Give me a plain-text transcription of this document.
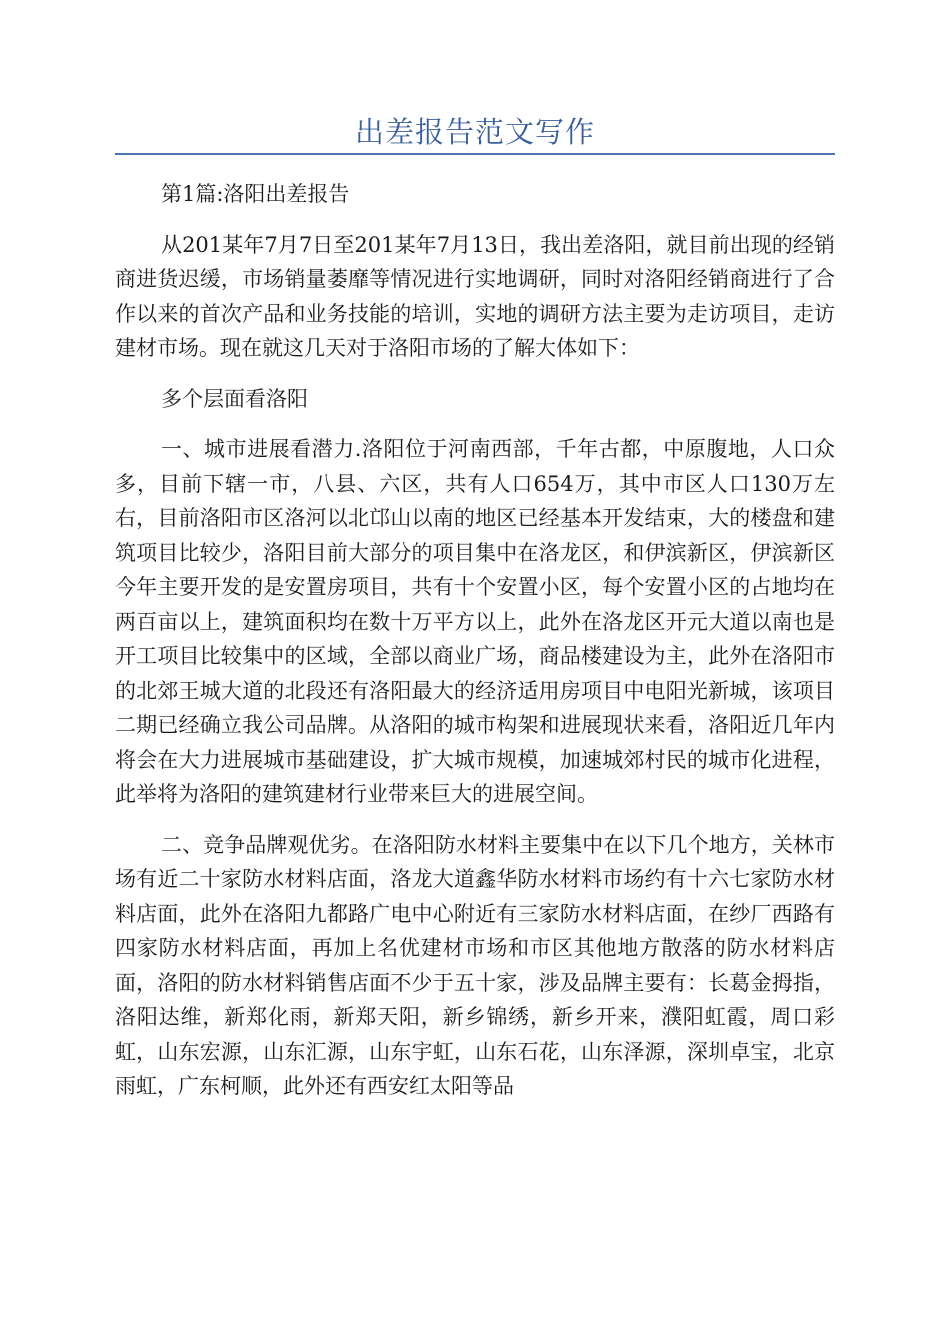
出差报告范文写作

第1篇:洛阳出差报告

从201某年7月7日至201某年7月13日，我出差洛阳，就目前出现的经销商进货迟缓，市场销量萎靡等情况进行实地调研，同时对洛阳经销商进行了合作以来的首次产品和业务技能的培训，实地的调研方法主要为走访项目，走访建材市场。现在就这几天对于洛阳市场的了解大体如下：

多个层面看洛阳

一、城市进展看潜力.洛阳位于河南西部，千年古都，中原腹地，人口众多，目前下辖一市，八县、六区，共有人口654万，其中市区人口130万左右，目前洛阳市区洛河以北邙山以南的地区已经基本开发结束，大的楼盘和建筑项目比较少，洛阳目前大部分的项目集中在洛龙区，和伊滨新区，伊滨新区今年主要开发的是安置房项目，共有十个安置小区，每个安置小区的占地均在两百亩以上，建筑面积均在数十万平方以上，此外在洛龙区开元大道以南也是开工项目比较集中的区域，全部以商业广场，商品楼建设为主，此外在洛阳市的北郊王城大道的北段还有洛阳最大的经济适用房项目中电阳光新城，该项目二期已经确立我公司品牌。从洛阳的城市构架和进展现状来看，洛阳近几年内将会在大力进展城市基础建设，扩大城市规模，加速城郊村民的城市化进程，此举将为洛阳的建筑建材行业带来巨大的进展空间。

二、竞争品牌观优劣。在洛阳防水材料主要集中在以下几个地方，关林市场有近二十家防水材料店面，洛龙大道鑫华防水材料市场约有十六七家防水材料店面，此外在洛阳九都路广电中心附近有三家防水材料店面，在纱厂西路有四家防水材料店面，再加上名优建材市场和市区其他地方散落的防水材料店面，洛阳的防水材料销售店面不少于五十家，涉及品牌主要有：长葛金拇指，洛阳达维，新郑化雨，新郑天阳，新乡锦绣，新乡开来，濮阳虹霞，周口彩虹，山东宏源，山东汇源，山东宇虹，山东石花，山东泽源，深圳卓宝，北京雨虹，广东柯顺，此外还有西安红太阳等品
